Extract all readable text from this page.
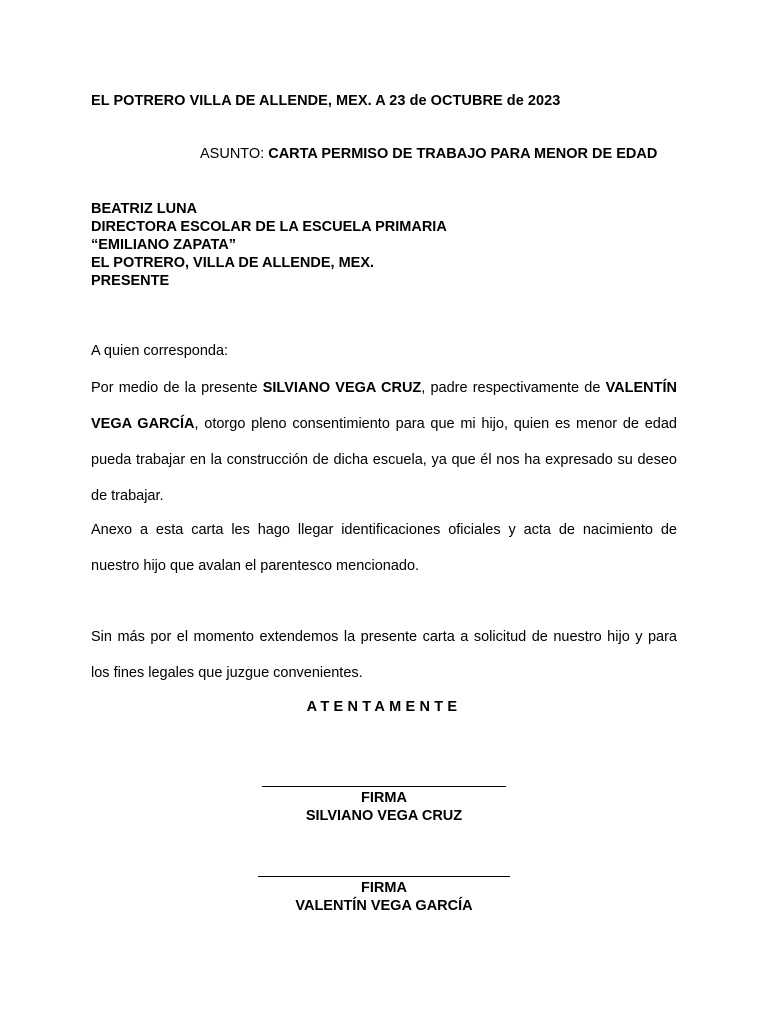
EL POTRERO VILLA DE ALLENDE, MEX. A 23 de OCTUBRE de 2023
ASUNTO: CARTA PERMISO DE TRABAJO PARA MENOR DE EDAD
BEATRIZ LUNA
DIRECTORA ESCOLAR DE LA ESCUELA PRIMARIA
“EMILIANO ZAPATA”
EL POTRERO, VILLA DE ALLENDE, MEX.
PRESENTE
A quien corresponda:

Por medio de la presente SILVIANO VEGA CRUZ, padre respectivamente de VALENTÍN VEGA GARCÍA, otorgo pleno consentimiento para que mi hijo, quien es menor de edad pueda trabajar en la construcción de dicha escuela, ya que él nos ha expresado su deseo de trabajar.

Anexo a esta carta les hago llegar identificaciones oficiales y acta de nacimiento de nuestro hijo que avalan el parentesco mencionado.

Sin más por el momento extendemos la presente carta a solicitud de nuestro hijo y para los fines legales que juzgue convenientes.

ATENTAMENTE
FIRMA
SILVIANO VEGA CRUZ
FIRMA
VALENTÍN VEGA GARCÍA
